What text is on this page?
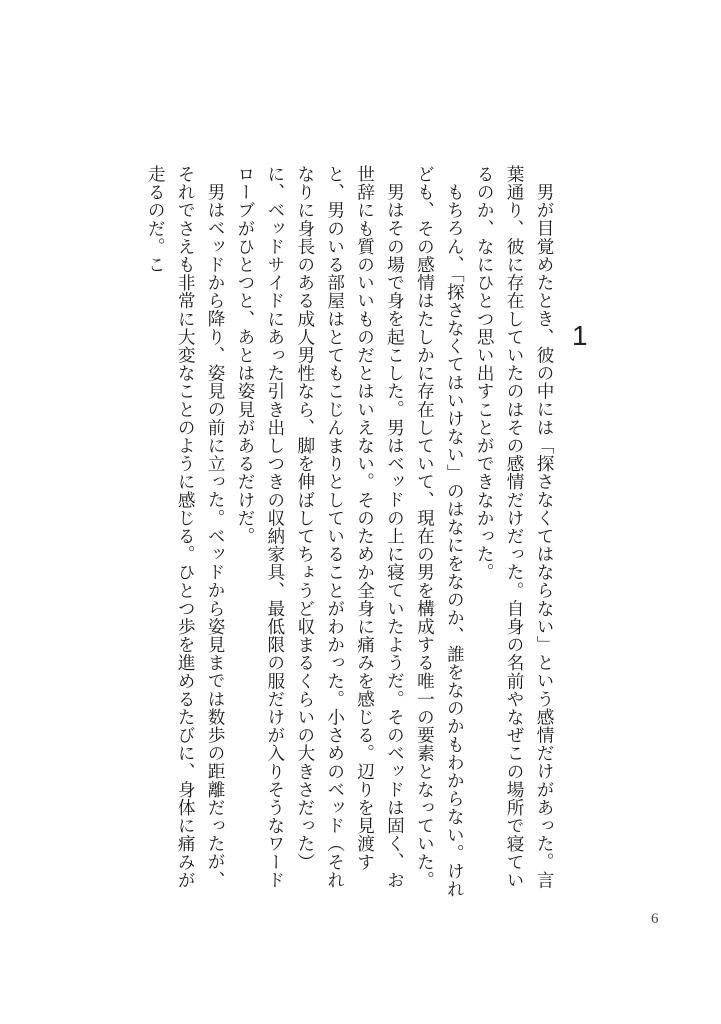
1

男が目覚めたとき、彼の中には「探さなくてはならない」という感情だけがあった。言葉通り、彼に存在していたのはその感情だけだった。自身の名前やなぜこの場所で寝ているのか、なにひとつ思い出すことができなかった。

もちろん、「探さなくてはいけない」のはなにをなのか、誰をなのかもわからない。けれども、その感情はたしかに存在していて、現在の男を構成する唯一の要素となっていた。

男はその場で身を起こした。男はベッドの上に寝ていたようだ。そのベッドは固く、お世辞にも質のいいものだとはいえない。そのためか全身に痛みを感じる。辺りを見渡すと、男のいる部屋はとてもこじんまりとしていることがわかった。小さめのベッド（それなりに身長のある成人男性なら、脚を伸ばしてちょうど収まるくらいの大きさだった）に、ベッドサイドにあった引き出しつきの収納家具、最低限の服だけが入りそうなワードローブがひとつと、あとは姿見があるだけだ。

男はベッドから降り、姿見の前に立った。ベッドから姿見までは数歩の距離だったが、それでさえも非常に大変なことのように感じる。ひとつ歩を進めるたびに、身体に痛みが走るのだ。こ

6
